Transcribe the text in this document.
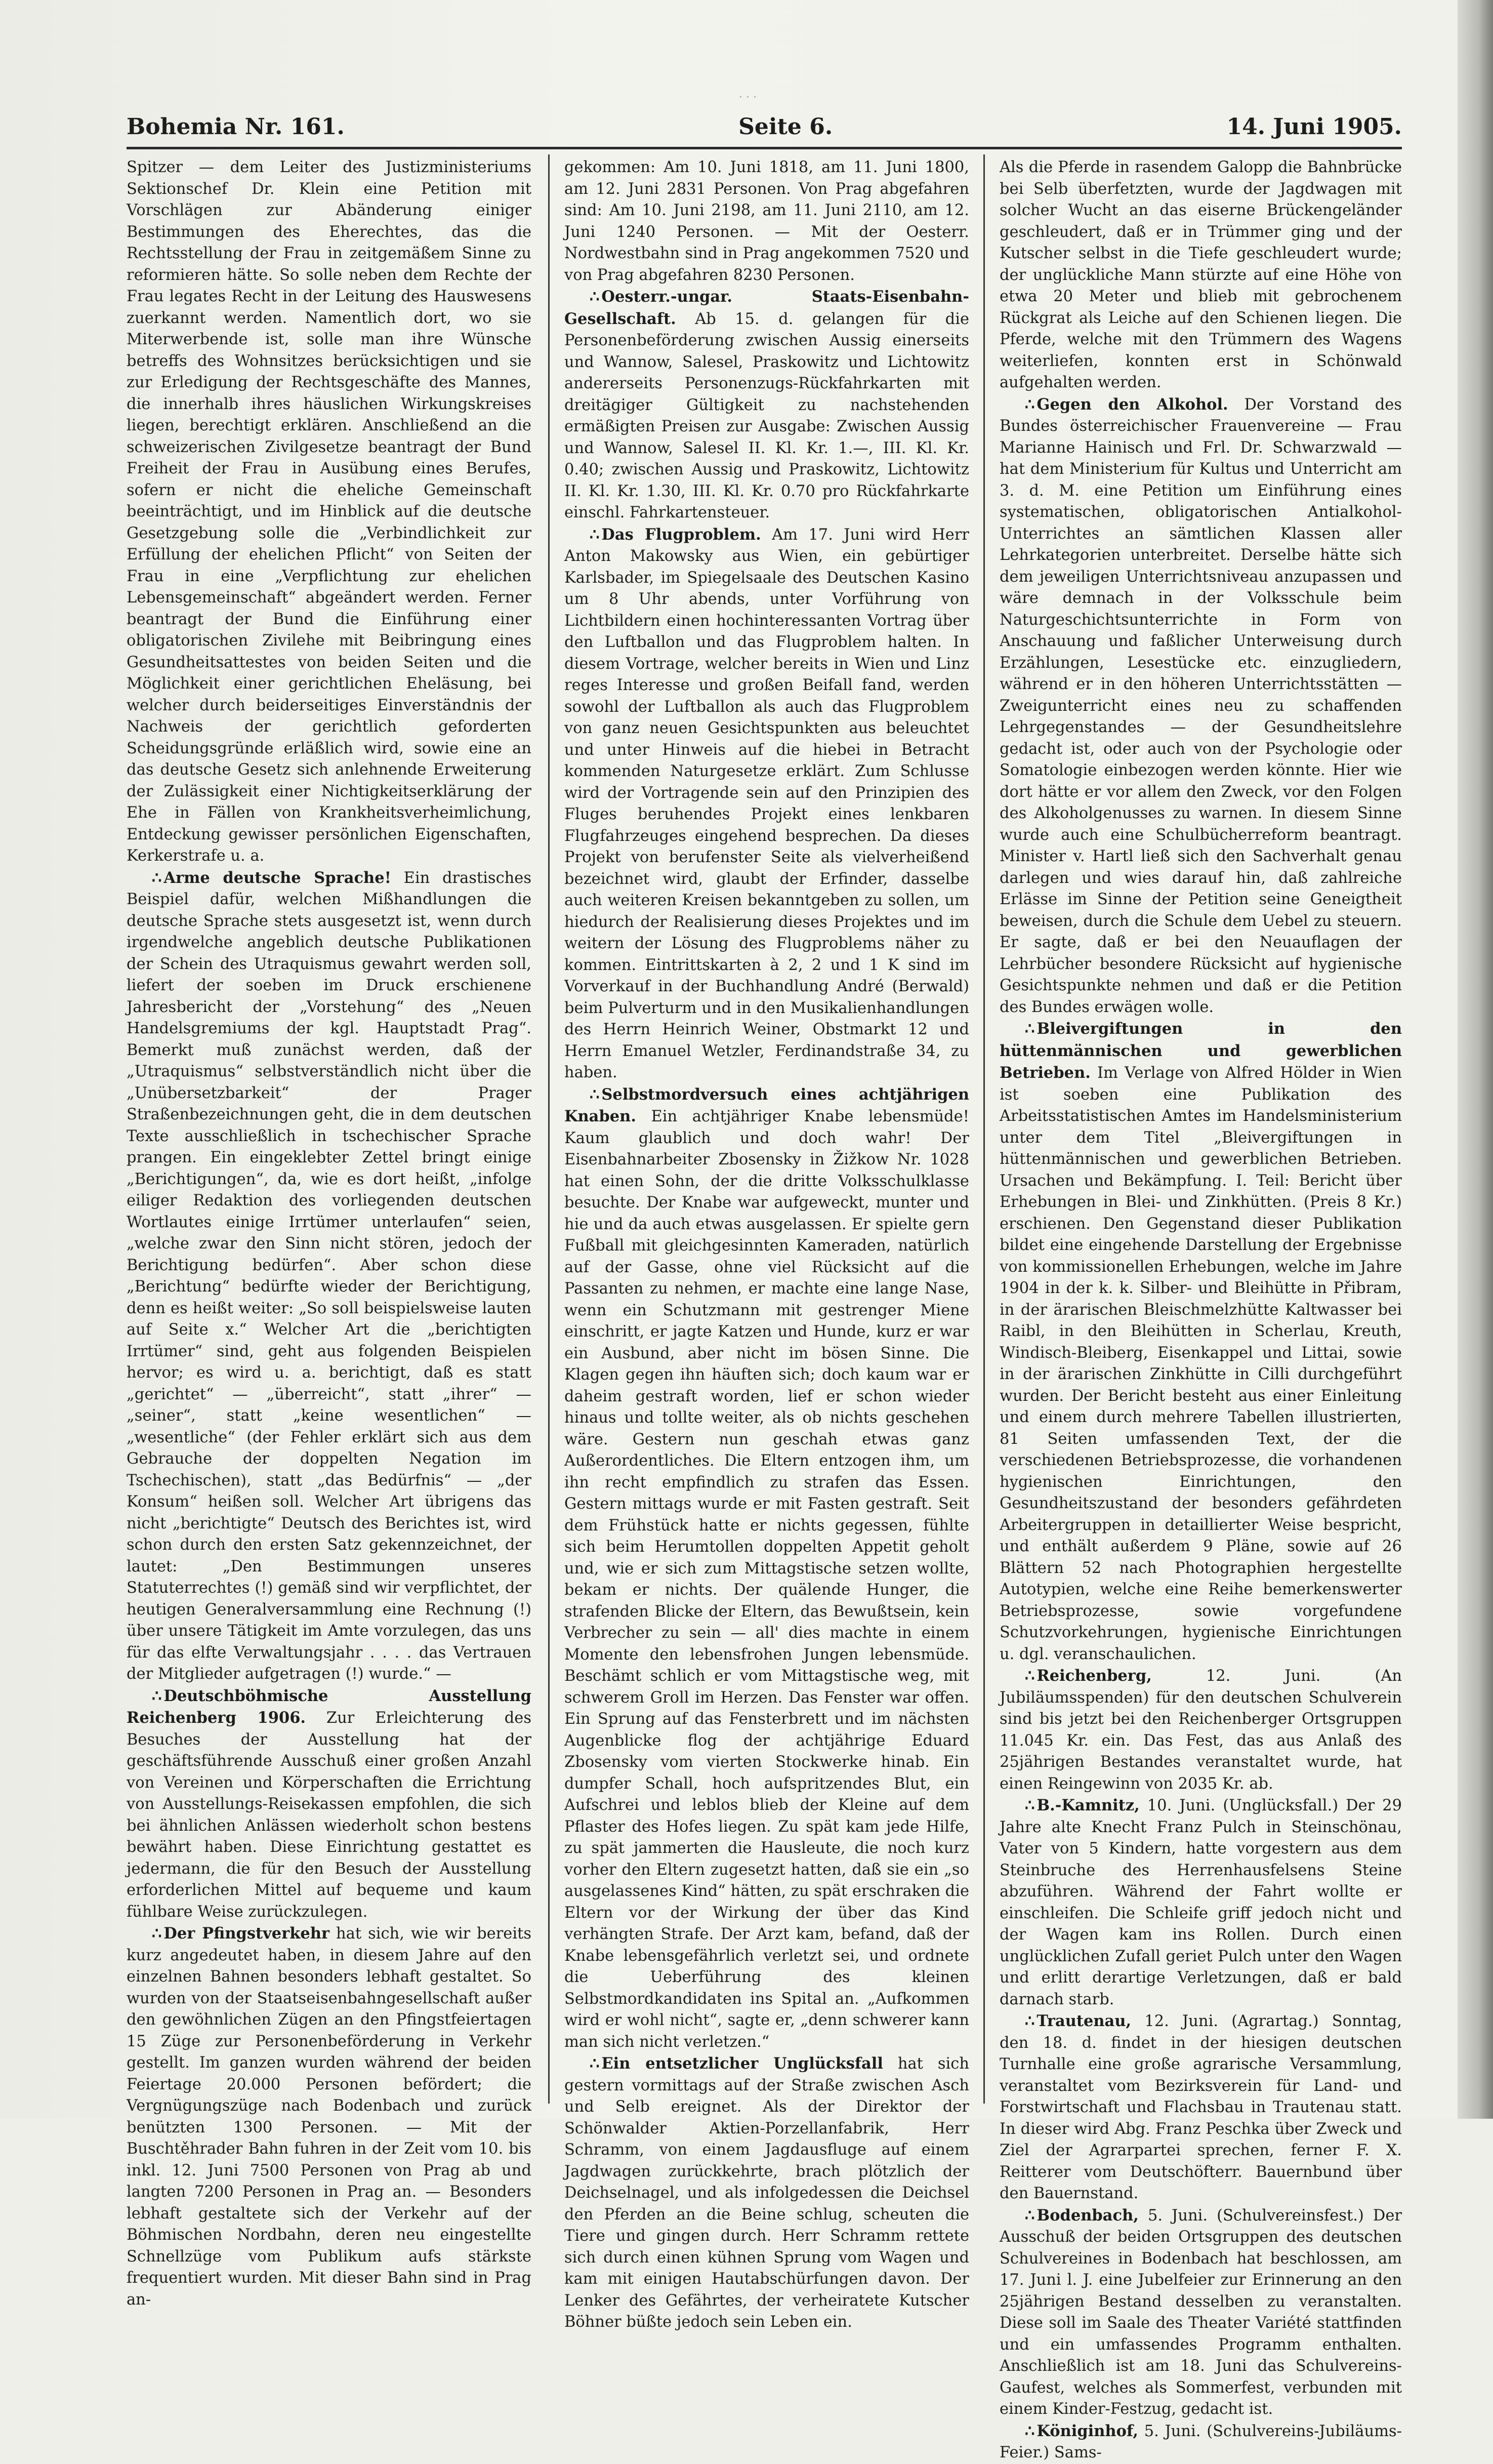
· · ·
Bohemia Nr. 161.	Seite 6.	14. Juni 1905.

Spitzer — dem Leiter des Justizministeriums Sektionschef Dr. Klein eine Petition mit Vorschlägen zur Abänderung einiger Bestimmungen des Eherechtes, das die Rechtsstellung der Frau in zeitgemäßem Sinne zu reformieren hätte. So solle neben dem Rechte der Frau legates Recht in der Leitung des Hauswesens zuerkannt werden. Namentlich dort, wo sie Miterwerbende ist, solle man ihre Wünsche betreffs des Wohnsitzes berücksichtigen und sie zur Erledigung der Rechtsgeschäfte des Mannes, die innerhalb ihres häuslichen Wirkungskreises liegen, berechtigt erklären. Anschließend an die schweizerischen Zivilgesetze beantragt der Bund Freiheit der Frau in Ausübung eines Berufes, sofern er nicht die eheliche Gemeinschaft beeinträchtigt, und im Hinblick auf die deutsche Gesetzgebung solle die „Verbindlichkeit zur Erfüllung der ehelichen Pflicht“ von Seiten der Frau in eine „Verpflichtung zur ehelichen Lebensgemeinschaft“ abgeändert werden. Ferner beantragt der Bund die Einführung einer obligatorischen Zivilehe mit Beibringung eines Gesundheitsattestes von beiden Seiten und die Möglichkeit einer gerichtlichen Eheläsung, bei welcher durch beiderseitiges Einverständnis der Nachweis der gerichtlich geforderten Scheidungsgründe erläßlich wird, sowie eine an das deutsche Gesetz sich anlehnende Erweiterung der Zulässigkeit einer Nichtigkeitserklärung der Ehe in Fällen von Krankheitsverheimlichung, Entdeckung gewisser persönlichen Eigenschaften, Kerkerstrafe u. a.

∴ Arme deutsche Sprache! Ein drastisches Beispiel dafür, welchen Mißhandlungen die deutsche Sprache stets ausgesetzt ist, wenn durch irgendwelche angeblich deutsche Publikationen der Schein des Utraquismus gewahrt werden soll, liefert der soeben im Druck erschienene Jahresbericht der „Vorstehung“ des „Neuen Handelsgremiums der kgl. Hauptstadt Prag“. Bemerkt muß zunächst werden, daß der „Utraquismus“ selbstverständlich nicht über die „Unübersetzbarkeit“ der Prager Straßenbezeichnungen geht, die in dem deutschen Texte ausschließlich in tschechischer Sprache prangen. Ein eingeklebter Zettel bringt einige „Berichtigungen“, da, wie es dort heißt, „infolge eiliger Redaktion des vorliegenden deutschen Wortlautes einige Irrtümer unterlaufen“ seien, „welche zwar den Sinn nicht stören, jedoch der Berichtigung bedürfen“. Aber schon diese „Berichtung“ bedürfte wieder der Berichtigung, denn es heißt weiter: „So soll beispielsweise lauten auf Seite x.“ Welcher Art die „berichtigten Irrtümer“ sind, geht aus folgenden Beispielen hervor; es wird u. a. berichtigt, daß es statt „gerichtet“ — „überreicht“, statt „ihrer“ — „seiner“, statt „keine wesentlichen“ — „wesentliche“ (der Fehler erklärt sich aus dem Gebrauche der doppelten Negation im Tschechischen), statt „das Bedürfnis“ — „der Konsum“ heißen soll. Welcher Art übrigens das nicht „berichtigte“ Deutsch des Berichtes ist, wird schon durch den ersten Satz gekennzeichnet, der lautet: „Den Bestimmungen unseres Statuterrechtes (!) gemäß sind wir verpflichtet, der heutigen Generalversammlung eine Rechnung (!) über unsere Tätigkeit im Amte vorzulegen, das uns für das elfte Verwaltungsjahr . . . . das Vertrauen der Mitglieder aufgetragen (!) wurde.“ —

∴ Deutschböhmische Ausstellung Reichenberg 1906. Zur Erleichterung des Besuches der Ausstellung hat der geschäftsführende Ausschuß einer großen Anzahl von Vereinen und Körperschaften die Errichtung von Ausstellungs-Reisekassen empfohlen, die sich bei ähnlichen Anlässen wiederholt schon bestens bewährt haben. Diese Einrichtung gestattet es jedermann, die für den Besuch der Ausstellung erforderlichen Mittel auf bequeme und kaum fühlbare Weise zurückzulegen.

∴ Der Pfingstverkehr hat sich, wie wir bereits kurz angedeutet haben, in diesem Jahre auf den einzelnen Bahnen besonders lebhaft gestaltet. So wurden von der Staatseisenbahngesellschaft außer den gewöhnlichen Zügen an den Pfingstfeiertagen 15 Züge zur Personenbeförderung in Verkehr gestellt. Im ganzen wurden während der beiden Feiertage 20.000 Personen befördert; die Vergnügungszüge nach Bodenbach und zurück benützten 1300 Personen. — Mit der Buschtěhrader Bahn fuhren in der Zeit vom 10. bis inkl. 12. Juni 7500 Personen von Prag ab und langten 7200 Personen in Prag an. — Besonders lebhaft gestaltete sich der Verkehr auf der Böhmischen Nordbahn, deren neu eingestellte Schnellzüge vom Publikum aufs stärkste frequentiert wurden. Mit dieser Bahn sind in Prag an-

gekommen: Am 10. Juni 1818, am 11. Juni 1800, am 12. Juni 2831 Personen. Von Prag abgefahren sind: Am 10. Juni 2198, am 11. Juni 2110, am 12. Juni 1240 Personen. — Mit der Oesterr. Nordwestbahn sind in Prag angekommen 7520 und von Prag abgefahren 8230 Personen.

∴ Oesterr.-ungar. Staats-Eisenbahn-Gesellschaft. Ab 15. d. gelangen für die Personenbeförderung zwischen Aussig einerseits und Wannow, Salesel, Praskowitz und Lichtowitz andererseits Personenzugs-Rückfahrkarten mit dreitägiger Gültigkeit zu nachstehenden ermäßigten Preisen zur Ausgabe: Zwischen Aussig und Wannow, Salesel II. Kl. Kr. 1.—, III. Kl. Kr. 0.40; zwischen Aussig und Praskowitz, Lichtowitz II. Kl. Kr. 1.30, III. Kl. Kr. 0.70 pro Rückfahrkarte einschl. Fahrkartensteuer.

∴ Das Flugproblem. Am 17. Juni wird Herr Anton Makowsky aus Wien, ein gebürtiger Karlsbader, im Spiegelsaale des Deutschen Kasino um 8 Uhr abends, unter Vorführung von Lichtbildern einen hochinteressanten Vortrag über den Luftballon und das Flugproblem halten. In diesem Vortrage, welcher bereits in Wien und Linz reges Interesse und großen Beifall fand, werden sowohl der Luftballon als auch das Flugproblem von ganz neuen Gesichtspunkten aus beleuchtet und unter Hinweis auf die hiebei in Betracht kommenden Naturgesetze erklärt. Zum Schlusse wird der Vortragende sein auf den Prinzipien des Fluges beruhendes Projekt eines lenkbaren Flugfahrzeuges eingehend besprechen. Da dieses Projekt von berufenster Seite als vielverheißend bezeichnet wird, glaubt der Erfinder, dasselbe auch weiteren Kreisen bekanntgeben zu sollen, um hiedurch der Realisierung dieses Projektes und im weitern der Lösung des Flugproblems näher zu kommen. Eintrittskarten à 2, 2 und 1 K sind im Vorverkauf in der Buchhandlung André (Berwald) beim Pulverturm und in den Musikalienhandlungen des Herrn Heinrich Weiner, Obstmarkt 12 und Herrn Emanuel Wetzler, Ferdinandstraße 34, zu haben.

∴ Selbstmordversuch eines achtjährigen Knaben. Ein achtjähriger Knabe lebensmüde! Kaum glaublich und doch wahr! Der Eisenbahnarbeiter Zbosensky in Žižkow Nr. 1028 hat einen Sohn, der die dritte Volksschulklasse besuchte. Der Knabe war aufgeweckt, munter und hie und da auch etwas ausgelassen. Er spielte gern Fußball mit gleichgesinnten Kameraden, natürlich auf der Gasse, ohne viel Rücksicht auf die Passanten zu nehmen, er machte eine lange Nase, wenn ein Schutzmann mit gestrenger Miene einschritt, er jagte Katzen und Hunde, kurz er war ein Ausbund, aber nicht im bösen Sinne. Die Klagen gegen ihn häuften sich; doch kaum war er daheim gestraft worden, lief er schon wieder hinaus und tollte weiter, als ob nichts geschehen wäre. Gestern nun geschah etwas ganz Außerordentliches. Die Eltern entzogen ihm, um ihn recht empfindlich zu strafen das Essen. Gestern mittags wurde er mit Fasten gestraft. Seit dem Frühstück hatte er nichts gegessen, fühlte sich beim Herumtollen doppelten Appetit geholt und, wie er sich zum Mittagstische setzen wollte, bekam er nichts. Der quälende Hunger, die strafenden Blicke der Eltern, das Bewußtsein, kein Verbrecher zu sein — all' dies machte in einem Momente den lebensfrohen Jungen lebensmüde. Beschämt schlich er vom Mittagstische weg, mit schwerem Groll im Herzen. Das Fenster war offen. Ein Sprung auf das Fensterbrett und im nächsten Augenblicke flog der achtjährige Eduard Zbosensky vom vierten Stockwerke hinab. Ein dumpfer Schall, hoch aufspritzendes Blut, ein Aufschrei und leblos blieb der Kleine auf dem Pflaster des Hofes liegen. Zu spät kam jede Hilfe, zu spät jammerten die Hausleute, die noch kurz vorher den Eltern zugesetzt hatten, daß sie ein „so ausgelassenes Kind“ hätten, zu spät erschraken die Eltern vor der Wirkung der über das Kind verhängten Strafe. Der Arzt kam, befand, daß der Knabe lebensgefährlich verletzt sei, und ordnete die Ueberführung des kleinen Selbstmordkandidaten ins Spital an. „Aufkommen wird er wohl nicht“, sagte er, „denn schwerer kann man sich nicht verletzen.“

∴ Ein entsetzlicher Unglücksfall hat sich gestern vormittags auf der Straße zwischen Asch und Selb ereignet. Als der Direktor der Schönwalder Aktien-Porzellanfabrik, Herr Schramm, von einem Jagdausfluge auf einem Jagdwagen zurückkehrte, brach plötzlich der Deichselnagel, und als infolgedessen die Deichsel den Pferden an die Beine schlug, scheuten die Tiere und gingen durch. Herr Schramm rettete sich durch einen kühnen Sprung vom Wagen und kam mit einigen Hautabschürfungen davon. Der Lenker des Gefährtes, der verheiratete Kutscher Böhner büßte jedoch sein Leben ein.

Als die Pferde in rasendem Galopp die Bahnbrücke bei Selb überfetzten, wurde der Jagdwagen mit solcher Wucht an das eiserne Brückengeländer geschleudert, daß er in Trümmer ging und der Kutscher selbst in die Tiefe geschleudert wurde; der unglückliche Mann stürzte auf eine Höhe von etwa 20 Meter und blieb mit gebrochenem Rückgrat als Leiche auf den Schienen liegen. Die Pferde, welche mit den Trümmern des Wagens weiterliefen, konnten erst in Schönwald aufgehalten werden.

∴ Gegen den Alkohol. Der Vorstand des Bundes österreichischer Frauenvereine — Frau Marianne Hainisch und Frl. Dr. Schwarzwald — hat dem Ministerium für Kultus und Unterricht am 3. d. M. eine Petition um Einführung eines systematischen, obligatorischen Antialkohol-Unterrichtes an sämtlichen Klassen aller Lehrkategorien unterbreitet. Derselbe hätte sich dem jeweiligen Unterrichtsniveau anzupassen und wäre demnach in der Volksschule beim Naturgeschichtsunterrichte in Form von Anschauung und faßlicher Unterweisung durch Erzählungen, Lesestücke etc. einzugliedern, während er in den höheren Unterrichtsstätten — Zweigunterricht eines neu zu schaffenden Lehrgegenstandes — der Gesundheitslehre gedacht ist, oder auch von der Psychologie oder Somatologie einbezogen werden könnte. Hier wie dort hätte er vor allem den Zweck, vor den Folgen des Alkoholgenusses zu warnen. In diesem Sinne wurde auch eine Schulbücherreform beantragt. Minister v. Hartl ließ sich den Sachverhalt genau darlegen und wies darauf hin, daß zahlreiche Erlässe im Sinne der Petition seine Geneigtheit beweisen, durch die Schule dem Uebel zu steuern. Er sagte, daß er bei den Neuauflagen der Lehrbücher besondere Rücksicht auf hygienische Gesichtspunkte nehmen und daß er die Petition des Bundes erwägen wolle.

∴ Bleivergiftungen in den hüttenmännischen und gewerblichen Betrieben. Im Verlage von Alfred Hölder in Wien ist soeben eine Publikation des Arbeitsstatistischen Amtes im Handelsministerium unter dem Titel „Bleivergiftungen in hüttenmännischen und gewerblichen Betrieben. Ursachen und Bekämpfung. I. Teil: Bericht über Erhebungen in Blei- und Zinkhütten. (Preis 8 Kr.) erschienen. Den Gegenstand dieser Publikation bildet eine eingehende Darstellung der Ergebnisse von kommissionellen Erhebungen, welche im Jahre 1904 in der k. k. Silber- und Bleihütte in Přibram, in der ärarischen Bleischmelzhütte Kaltwasser bei Raibl, in den Bleihütten in Scherlau, Kreuth, Windisch-Bleiberg, Eisenkappel und Littai, sowie in der ärarischen Zinkhütte in Cilli durchgeführt wurden. Der Bericht besteht aus einer Einleitung und einem durch mehrere Tabellen illustrierten, 81 Seiten umfassenden Text, der die verschiedenen Betriebsprozesse, die vorhandenen hygienischen Einrichtungen, den Gesundheitszustand der besonders gefährdeten Arbeitergruppen in detaillierter Weise bespricht, und enthält außerdem 9 Pläne, sowie auf 26 Blättern 52 nach Photographien hergestellte Autotypien, welche eine Reihe bemerkenswerter Betriebsprozesse, sowie vorgefundene Schutzvorkehrungen, hygienische Einrichtungen u. dgl. veranschaulichen.

∴ Reichenberg,	12. Juni. (An Jubiläumsspenden) für den deutschen Schulverein sind bis jetzt bei den Reichenberger Ortsgruppen 11.045 Kr. ein. Das Fest, das aus Anlaß des 25jährigen Bestandes veranstaltet wurde, hat einen Reingewinn von 2035 Kr. ab.

∴ B.-Kamnitz, 10. Juni. (Unglücksfall.) Der 29 Jahre alte Knecht Franz Pulch in Steinschönau, Vater von 5 Kindern, hatte vorgestern aus dem Steinbruche des Herrenhausfelsens Steine abzuführen. Während der Fahrt wollte er einschleifen. Die Schleife griff jedoch nicht und der Wagen kam ins Rollen. Durch einen unglücklichen Zufall geriet Pulch unter den Wagen und erlitt derartige Verletzungen, daß er bald darnach starb.

∴ Trautenau, 12. Juni. (Agrartag.) Sonntag, den 18. d. findet in der hiesigen deutschen Turnhalle eine große agrarische Versammlung, veranstaltet vom Bezirksverein für Land- und Forstwirtschaft und Flachsbau in Trautenau statt. In dieser wird Abg. Franz Peschka über Zweck und Ziel der Agrarpartei sprechen, ferner F. X. Reitterer vom Deutschöfterr. Bauernbund über den Bauernstand.

∴ Bodenbach, 5. Juni. (Schulvereinsfest.) Der Ausschuß der beiden Ortsgruppen des deutschen Schulvereines in Bodenbach hat beschlossen, am 17. Juni l. J. eine Jubelfeier zur Erinnerung an den 25jährigen Bestand desselben zu veranstalten. Diese soll im Saale des Theater Variété stattfinden und ein umfassendes Programm enthalten. Anschließlich ist am 18. Juni das Schulvereins-Gaufest, welches als Sommerfest, verbunden mit einem Kinder-Festzug, gedacht ist.

∴ Königinhof, 5. Juni. (Schulvereins-Jubiläums-Feier.) Sams-
